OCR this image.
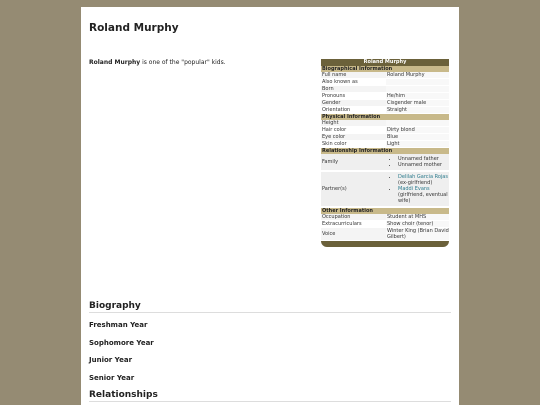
Roland Murphy
Roland Murphy is one of the "popular" kids.	Roland Murphy
Biographical Information
Full name	Roland Murphy
Also known as
Born
Pronouns	He/him
Gender	Cisgender male
Orientation	Straight
Physical Information
Height
Hair color	Dirty blond
Eye color	Blue
Skin color	Light
Relationship Information
Family
•	Unnamed father
• Unnamed mother
Partner(s)
• Delilah Garcia Rojas (ex-girlfriend)
• Maddi Evans (girlfriend, eventual wife)
Other Information
Occupation	Student at MHS
Extracurriculars	Show choir (tenor)
Voice	Winter King (Brian David Gilbert)
Biography
Freshman Year
Sophomore Year
Junior Year
Senior Year
Relationships
